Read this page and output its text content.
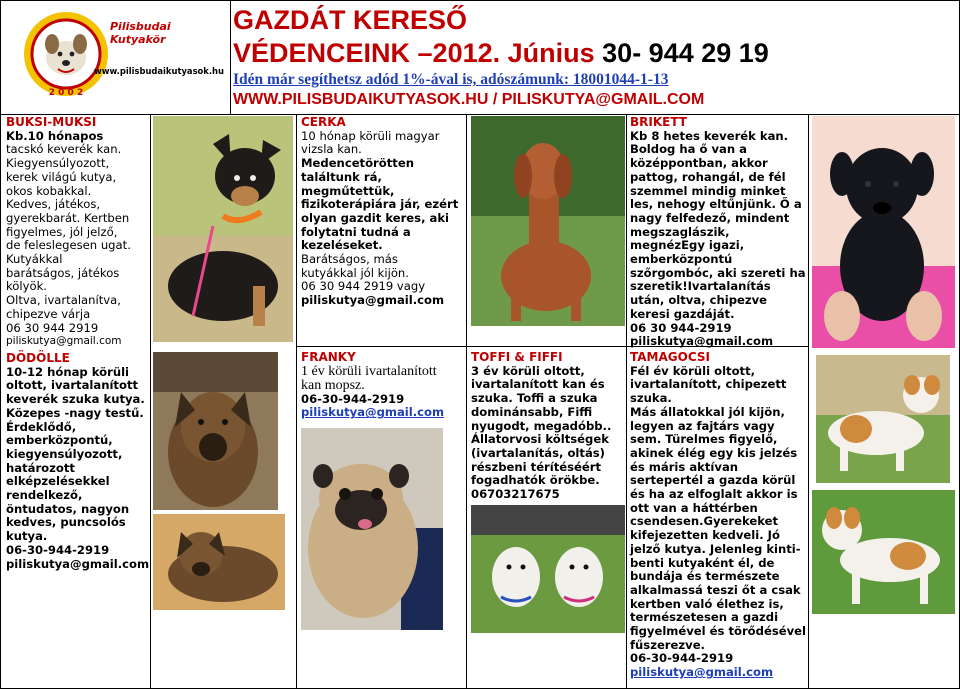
2 0 0 2
Pilisbudai Kutyakör
www.pilisbudaikutyasok.hu
GAZDÁT KERESŐ
VÉDENCEINK –2012. Június 30- 944 29 19
Idén már segíthetsz adód 1%-ával is, adószámunk: 18001044-1-13
WWW.PILISBUDAIKUTYASOK.HU / PILISKUTYA@GMAIL.COM

BUKSI-MUKSI

Kb.10 hónapos

tacskó keverék kan.

Kiegyensúlyozott,

kerek világú kutya,

okos kobakkal.

Kedves, játékos,

gyerekbarát. Kertben

figyelmes, jól jelző,

de feleslegesen ugat.

Kutyákkal

barátságos, játékos

kölyök.

Oltva, ivartalanítva,

chipezve várja

06 30 944 2919

piliskutya@gmail.com

DÖDÖLLE

10-12 hónap körüli

oltott, ivartalanított

keverék szuka kutya.

Közepes -nagy testű.

Érdeklődő,

emberközpontú,

kiegyensúlyozott,

határozott

elképzelésekkel

rendelkező,

öntudatos, nagyon

kedves, puncsolós

kutya.

06-30-944-2919

piliskutya@gmail.com

CERKA

10 hónap körüli magyar

vizsla kan.

Medencetörötten

találtunk rá,

megműtettük,

fizikoterápiára jár, ezért

olyan gazdit keres, aki

folytatni tudná a

kezeléseket.

Barátságos, más

kutyákkal jól kijön.

06 30 944 2919 vagy

piliskutya@gmail.com

FRANKY

1 év körüli ivartalanított

kan mopsz.

06-30-944-2919

piliskutya@gmail.com

TOFFI & FIFFI

3 év körüli oltott,

ivartalanított kan és

szuka. Toffi a szuka

dominánsabb, Fiffi

nyugodt, megadóbb..

Állatorvosi költségek

(ivartalanítás, oltás)

részbeni térítéséért

fogadhatók örökbe.

06703217675

BRIKETT

Kb 8 hetes keverék kan.

Boldog ha ő van a

középpontban, akkor

pattog, rohangál, de fél

szemmel mindig minket

les, nehogy eltűnjünk. Ő a

nagy felfedező, mindent

megszaglászik,

megnézEgy igazi,

emberközpontú

szőrgombóc, aki szereti ha

szeretik!Ivartalanítás

után, oltva, chipezve

keresi gazdáját.

06 30 944-2919

piliskutya@gmail.com

TAMAGOCSI

Fél év körüli oltott,

ivartalanított, chipezett

szuka.

Más állatokkal jól kijön,

legyen az fajtárs vagy

sem. Türelmes figyelő,

akinek élég egy kis jelzés

és máris aktívan

sertepertél a gazda körül

és ha az elfoglalt akkor is

ott van a háttérben

csendesen.Gyerekeket

kifejezetten kedveli. Jó

jelző kutya. Jelenleg kinti-

benti kutyaként él, de

bundája és természete

alkalmassá teszi őt a csak

kertben való élethez is,

természetesen a gazdi

figyelmével és törődésével

fűszerezve.

06-30-944-2919

piliskutya@gmail.com
